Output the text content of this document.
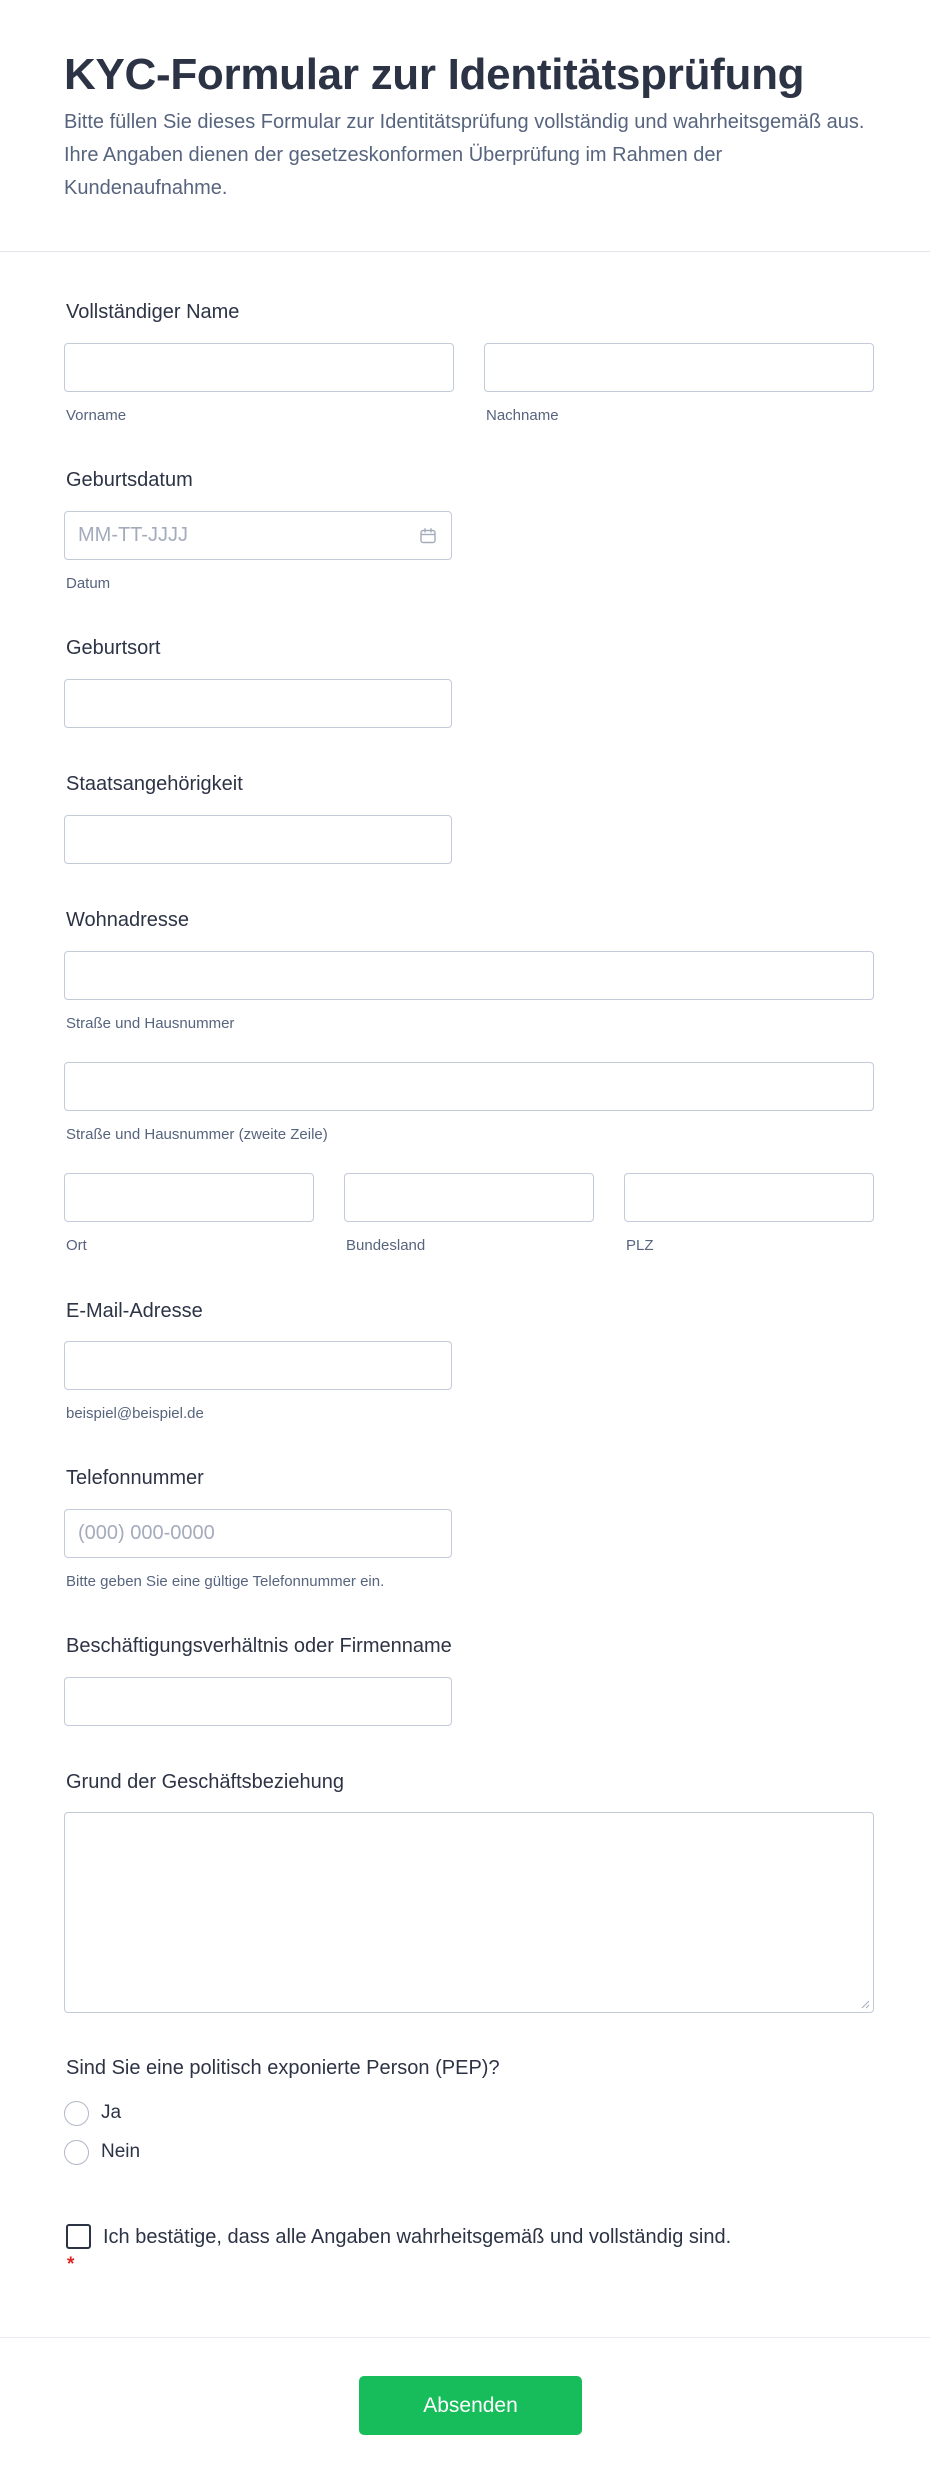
KYC-Formular zur Identitätsprüfung
Bitte füllen Sie dieses Formular zur Identitätsprüfung vollständig und wahrheitsgemäß aus. Ihre Angaben dienen der gesetzeskonformen Überprüfung im Rahmen der Kundenaufnahme.
Vollständiger Name
Vorname	Nachname
Geburtsdatum
MM-TT-JJJJ
Datum
Geburtsort
Staatsangehörigkeit
Wohnadresse
Straße und Hausnummer
Straße und Hausnummer (zweite Zeile)
Ort	Bundesland	PLZ
E-Mail-Adresse
beispiel@beispiel.de
Telefonnummer
(000) 000-0000
Bitte geben Sie eine gültige Telefonnummer ein.
Beschäftigungsverhältnis oder Firmenname
Grund der Geschäftsbeziehung
Sind Sie eine politisch exponierte Person (PEP)?
Ja
Nein
Ich bestätige, dass alle Angaben wahrheitsgemäß und vollständig sind.
*
Absenden
